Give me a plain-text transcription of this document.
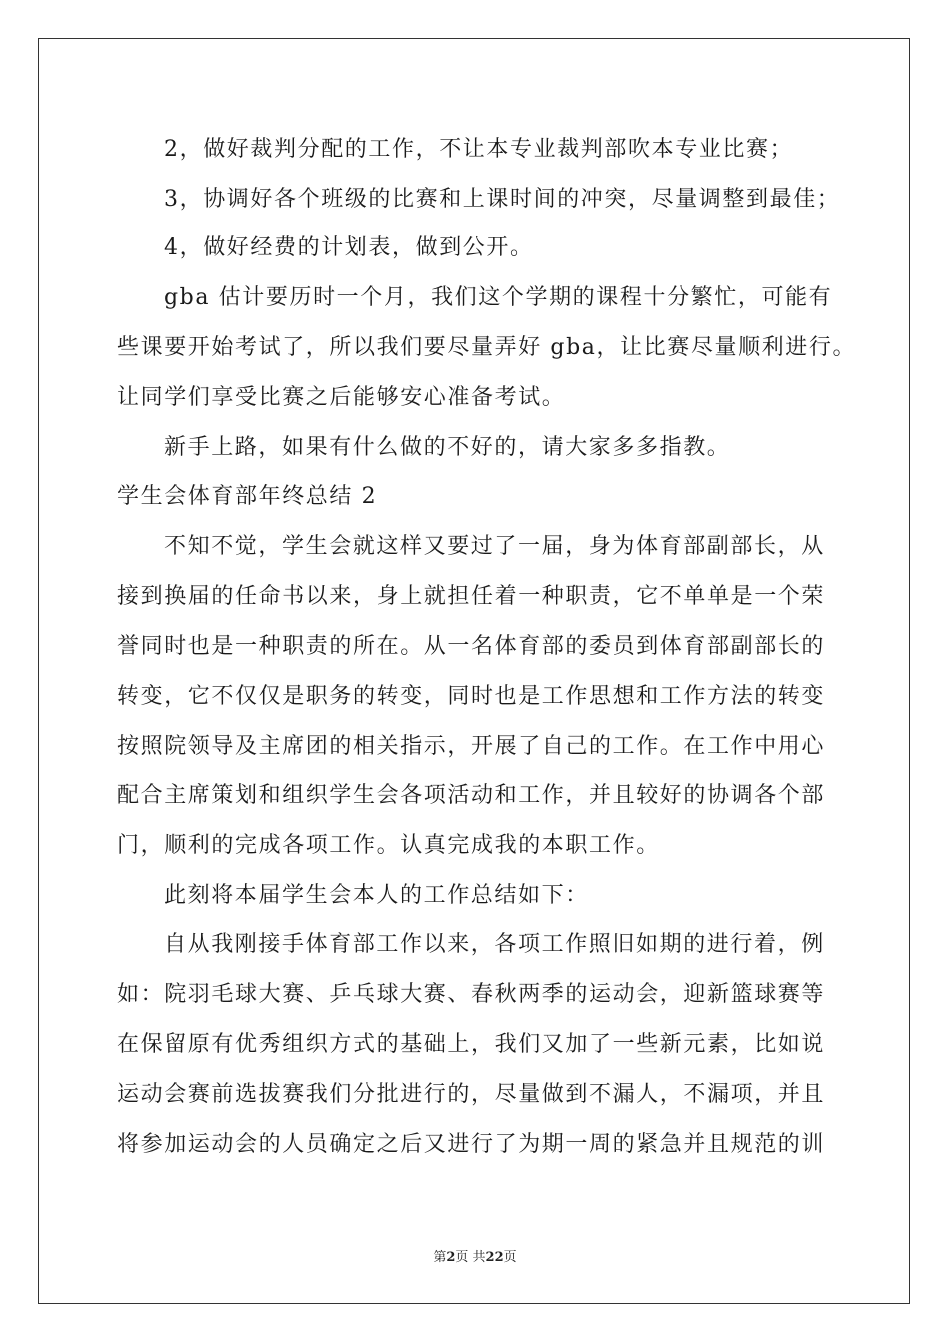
2，做好裁判分配的工作，不让本专业裁判部吹本专业比赛；
3，协调好各个班级的比赛和上课时间的冲突，尽量调整到最佳；
4，做好经费的计划表，做到公开。
gba 估计要历时一个月，我们这个学期的课程十分繁忙，可能有
些课要开始考试了，所以我们要尽量弄好 gba，让比赛尽量顺利进行。
让同学们享受比赛之后能够安心准备考试。
新手上路，如果有什么做的不好的，请大家多多指教。
学生会体育部年终总结 2
不知不觉，学生会就这样又要过了一届，身为体育部副部长，从
接到换届的任命书以来，身上就担任着一种职责，它不单单是一个荣
誉同时也是一种职责的所在。从一名体育部的委员到体育部副部长的
转变，它不仅仅是职务的转变，同时也是工作思想和工作方法的转变
按照院领导及主席团的相关指示，开展了自己的工作。在工作中用心
配合主席策划和组织学生会各项活动和工作，并且较好的协调各个部
门，顺利的完成各项工作。认真完成我的本职工作。
此刻将本届学生会本人的工作总结如下：
自从我刚接手体育部工作以来，各项工作照旧如期的进行着，例
如：院羽毛球大赛、乒乓球大赛、春秋两季的运动会，迎新篮球赛等
在保留原有优秀组织方式的基础上，我们又加了一些新元素，比如说
运动会赛前选拔赛我们分批进行的，尽量做到不漏人，不漏项，并且
将参加运动会的人员确定之后又进行了为期一周的紧急并且规范的训
第2页 共22页
